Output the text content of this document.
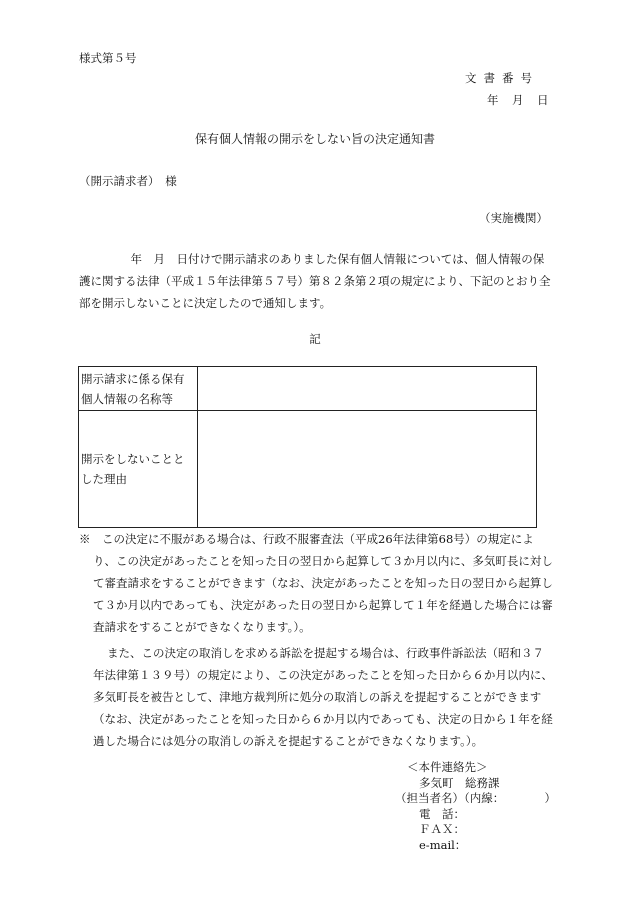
様式第５号
文書番号
年　月　日
保有個人情報の開示をしない旨の決定通知書
（開示請求者）　様
（実施機関）
　年　月　日付けで開示請求のありました保有個人情報については、個人情報の保護に関する法律（平成１５年法律第５７号）第８２条第２項の規定により、下記のとおり全部を開示しないことに決定したので通知します。
記
開示請求に係る保有個人情報の名称等	
開示をしないこととした理由	
※　この決定に不服がある場合は、行政不服審査法（平成26年法律第68号）の規定により、この決定があったことを知った日の翌日から起算して３か月以内に、多気町長に対して審査請求をすることができます（なお、決定があったことを知った日の翌日から起算して３か月以内であっても、決定があった日の翌日から起算して１年を経過した場合には審査請求をすることができなくなります。）。
また、この決定の取消しを求める訴訟を提起する場合は、行政事件訴訟法（昭和３７年法律第１３９号）の規定により、この決定があったことを知った日から６か月以内に、多気町長を被告として、津地方裁判所に処分の取消しの訴えを提起することができます（なお、決定があったことを知った日から６か月以内であっても、決定の日から１年を経過した場合には処分の取消しの訴えを提起することができなくなります。）。
＜本件連絡先＞
多気町　総務課
（担当者名）（内線：　　　　）
電　話：
ＦＡＸ：
e-mail：
